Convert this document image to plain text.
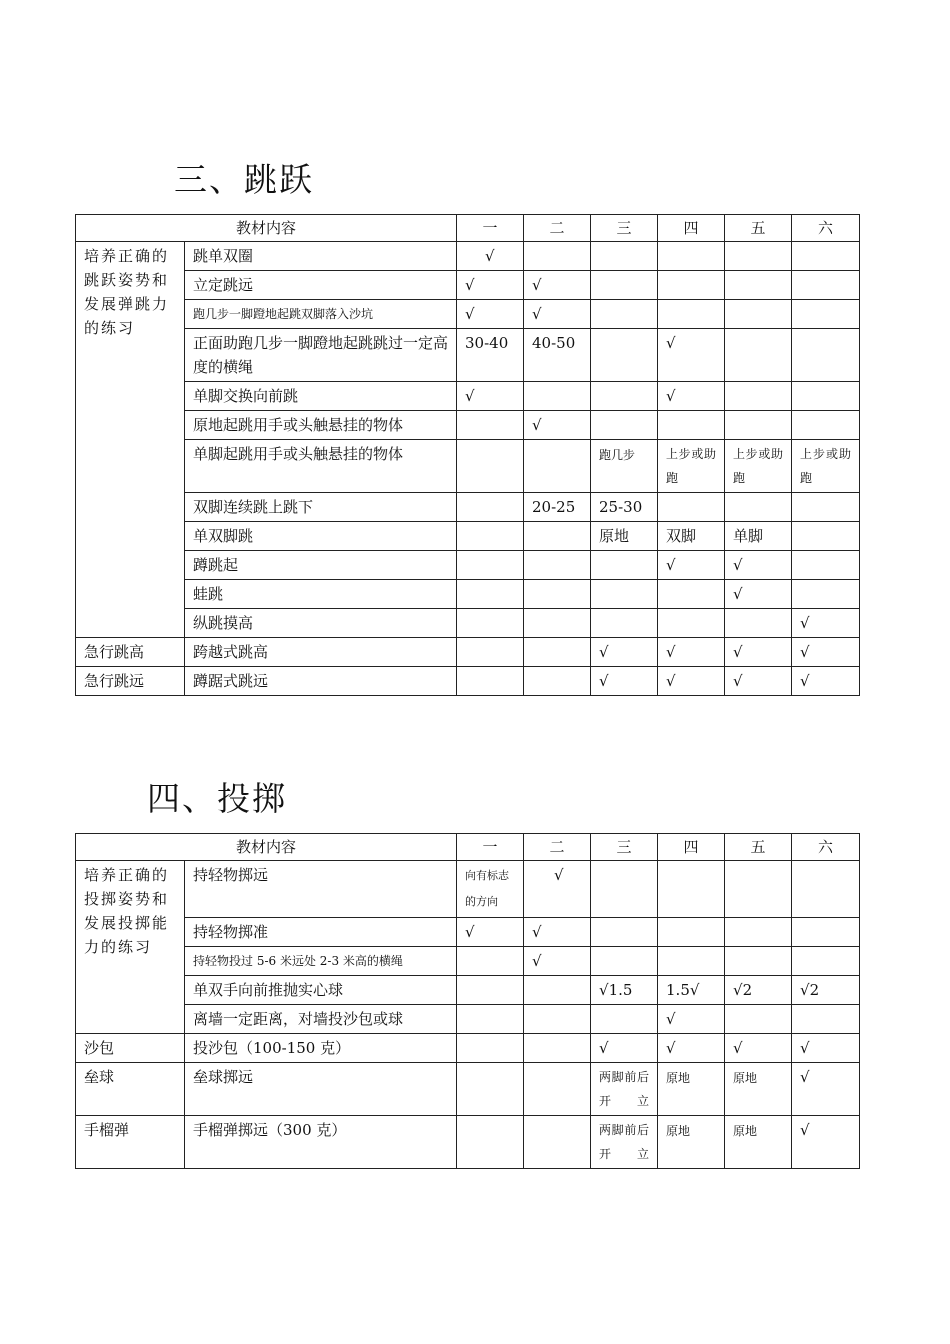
三、跳跃
教材内容		一	二	三	四	五	六
培养正确的跳跃姿势和发展弹跳力的练习	跳单双圈	√					
	立定跳远	√	√				
	跑几步一脚蹬地起跳双脚落入沙坑	√	√				
	正面助跑几步一脚蹬地起跳跳过一定高度的横绳	30-40	40-50		√		
	单脚交换向前跳	√			√		
	原地起跳用手或头触悬挂的物体		√				
	单脚起跳用手或头触悬挂的物体			跑几步	上步或助跑	上步或助跑	上步或助跑
	双脚连续跳上跳下		20-25	25-30			
	单双脚跳			原地	双脚	单脚	
	蹲跳起				√	√	
	蛙跳					√	
	纵跳摸高						√
急行跳高	跨越式跳高			√	√	√	√
急行跳远	蹲踞式跳远			√	√	√	√
四、投掷
教材内容		一	二	三	四	五	六
培养正确的投掷姿势和发展投掷能力的练习	持轻物掷远	向有标志的方向	√				
	持轻物掷准	√	√				
	持轻物投过 5-6 米远处 2-3 米高的横绳		√				
	单双手向前推抛实心球			√1.5	1.5√	√2	√2
	离墙一定距离，对墙投沙包或球				√		
沙包	投沙包（100-150 克）			√	√	√	√
垒球	垒球掷远			两脚前后开立	原地	原地	√
手榴弹	手榴弹掷远（300 克）			两脚前后开立	原地	原地	√
